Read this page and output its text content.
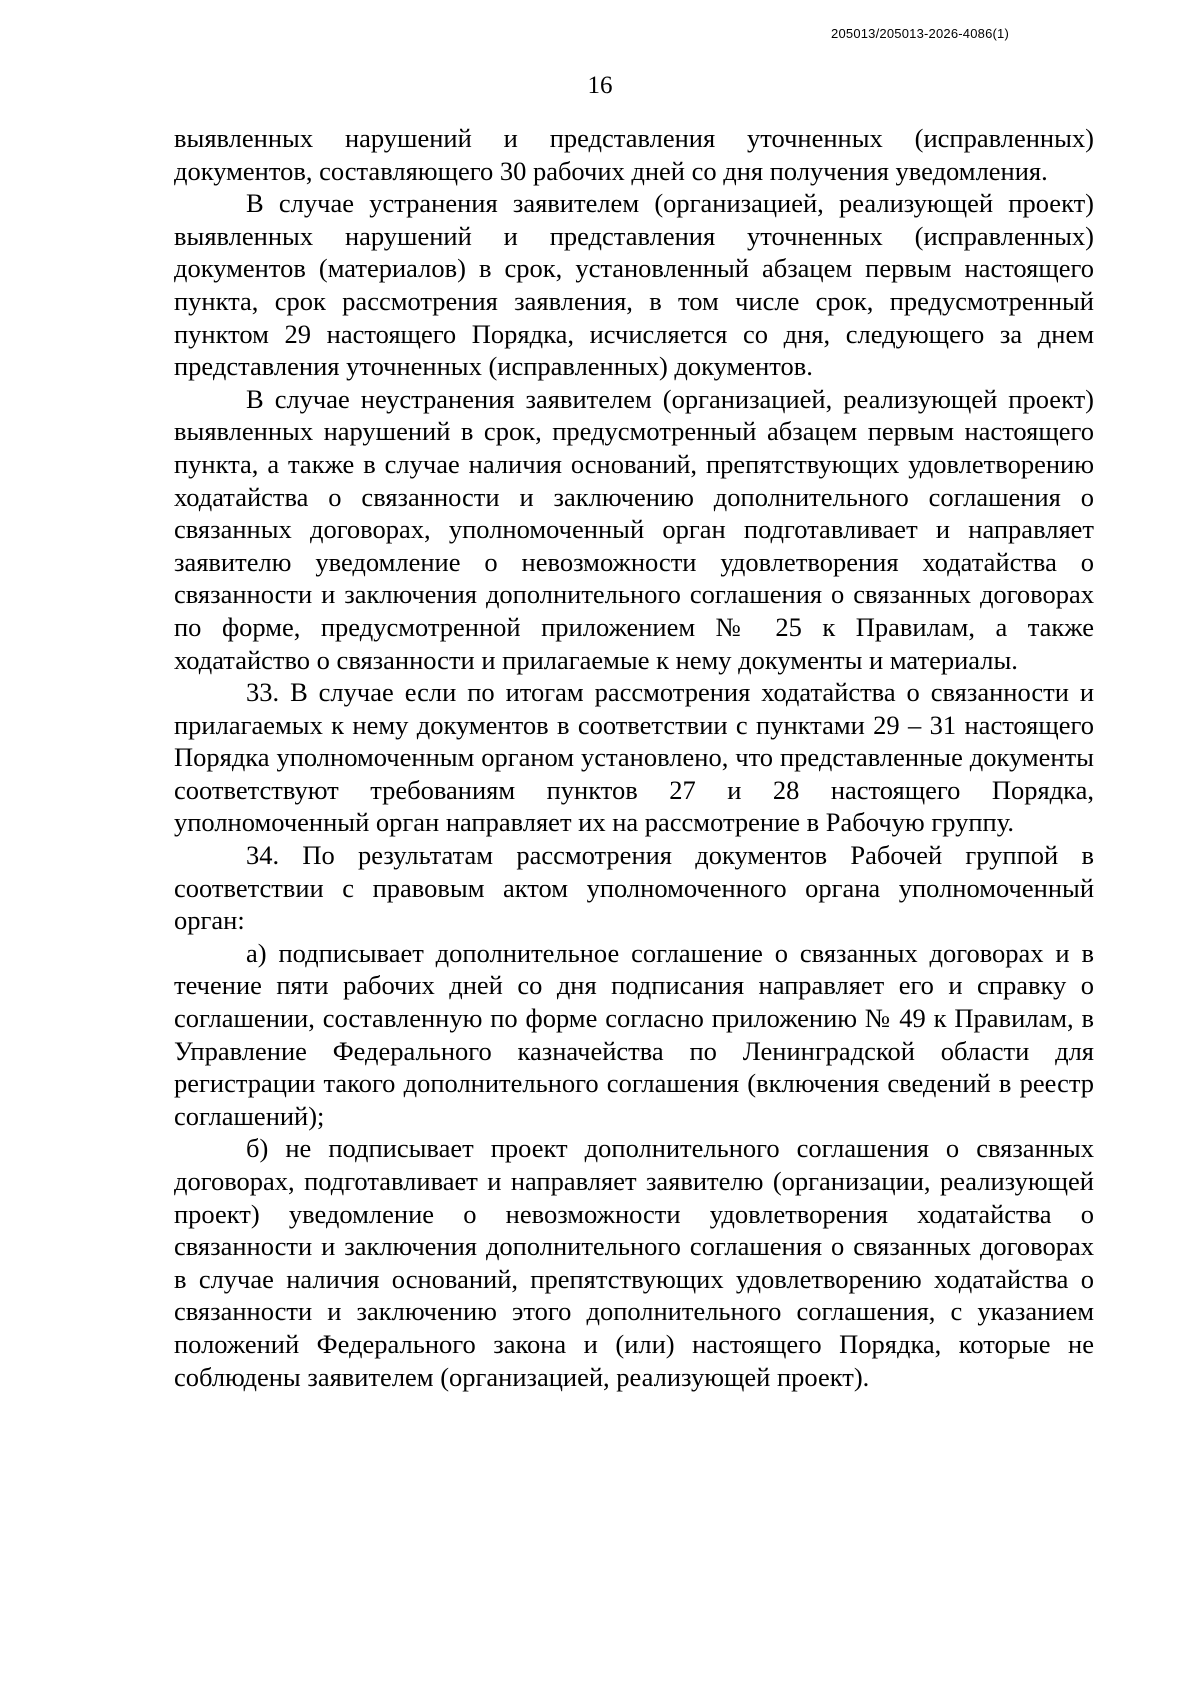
205013/205013-2026-4086(1)
16

выявленных нарушений и представления уточненных (исправленных) документов, составляющего 30 рабочих дней со дня получения уведомления.

В случае устранения заявителем (организацией, реализующей проект) выявленных нарушений и представления уточненных (исправленных) документов (материалов) в срок, установленный абзацем первым настоящего пункта, срок рассмотрения заявления, в том числе срок, предусмотренный пунктом 29 настоящего Порядка, исчисляется со дня, следующего за днем представления уточненных (исправленных) документов.

В случае неустранения заявителем (организацией, реализующей проект) выявленных нарушений в срок, предусмотренный абзацем первым настоящего пункта, а также в случае наличия оснований, препятствующих удовлетворению ходатайства о связанности и заключению дополнительного соглашения о связанных договорах, уполномоченный орган подготавливает и направляет заявителю уведомление о невозможности удовлетворения ходатайства о связанности и заключения дополнительного соглашения о связанных договорах по форме, предусмотренной приложением № 25 к Правилам, а также ходатайство о связанности и прилагаемые к нему документы и материалы.

33. В случае если по итогам рассмотрения ходатайства о связанности и прилагаемых к нему документов в соответствии с пунктами 29 – 31 настоящего Порядка уполномоченным органом установлено, что представленные документы соответствуют требованиям пунктов 27 и 28 настоящего Порядка, уполномоченный орган направляет их на рассмотрение в Рабочую группу.

34. По результатам рассмотрения документов Рабочей группой в соответствии с правовым актом уполномоченного органа уполномоченный орган:

а) подписывает дополнительное соглашение о связанных договорах и в течение пяти рабочих дней со дня подписания направляет его и справку о соглашении, составленную по форме согласно приложению № 49 к Правилам, в Управление Федерального казначейства по Ленинградской области для регистрации такого дополнительного соглашения (включения сведений в реестр соглашений);

б) не подписывает проект дополнительного соглашения о связанных договорах, подготавливает и направляет заявителю (организации, реализующей проект) уведомление о невозможности удовлетворения ходатайства о связанности и заключения дополнительного соглашения о связанных договорах в случае наличия оснований, препятствующих удовлетворению ходатайства о связанности и заключению этого дополнительного соглашения, с указанием положений Федерального закона и (или) настоящего Порядка, которые не соблюдены заявителем (организацией, реализующей проект).
